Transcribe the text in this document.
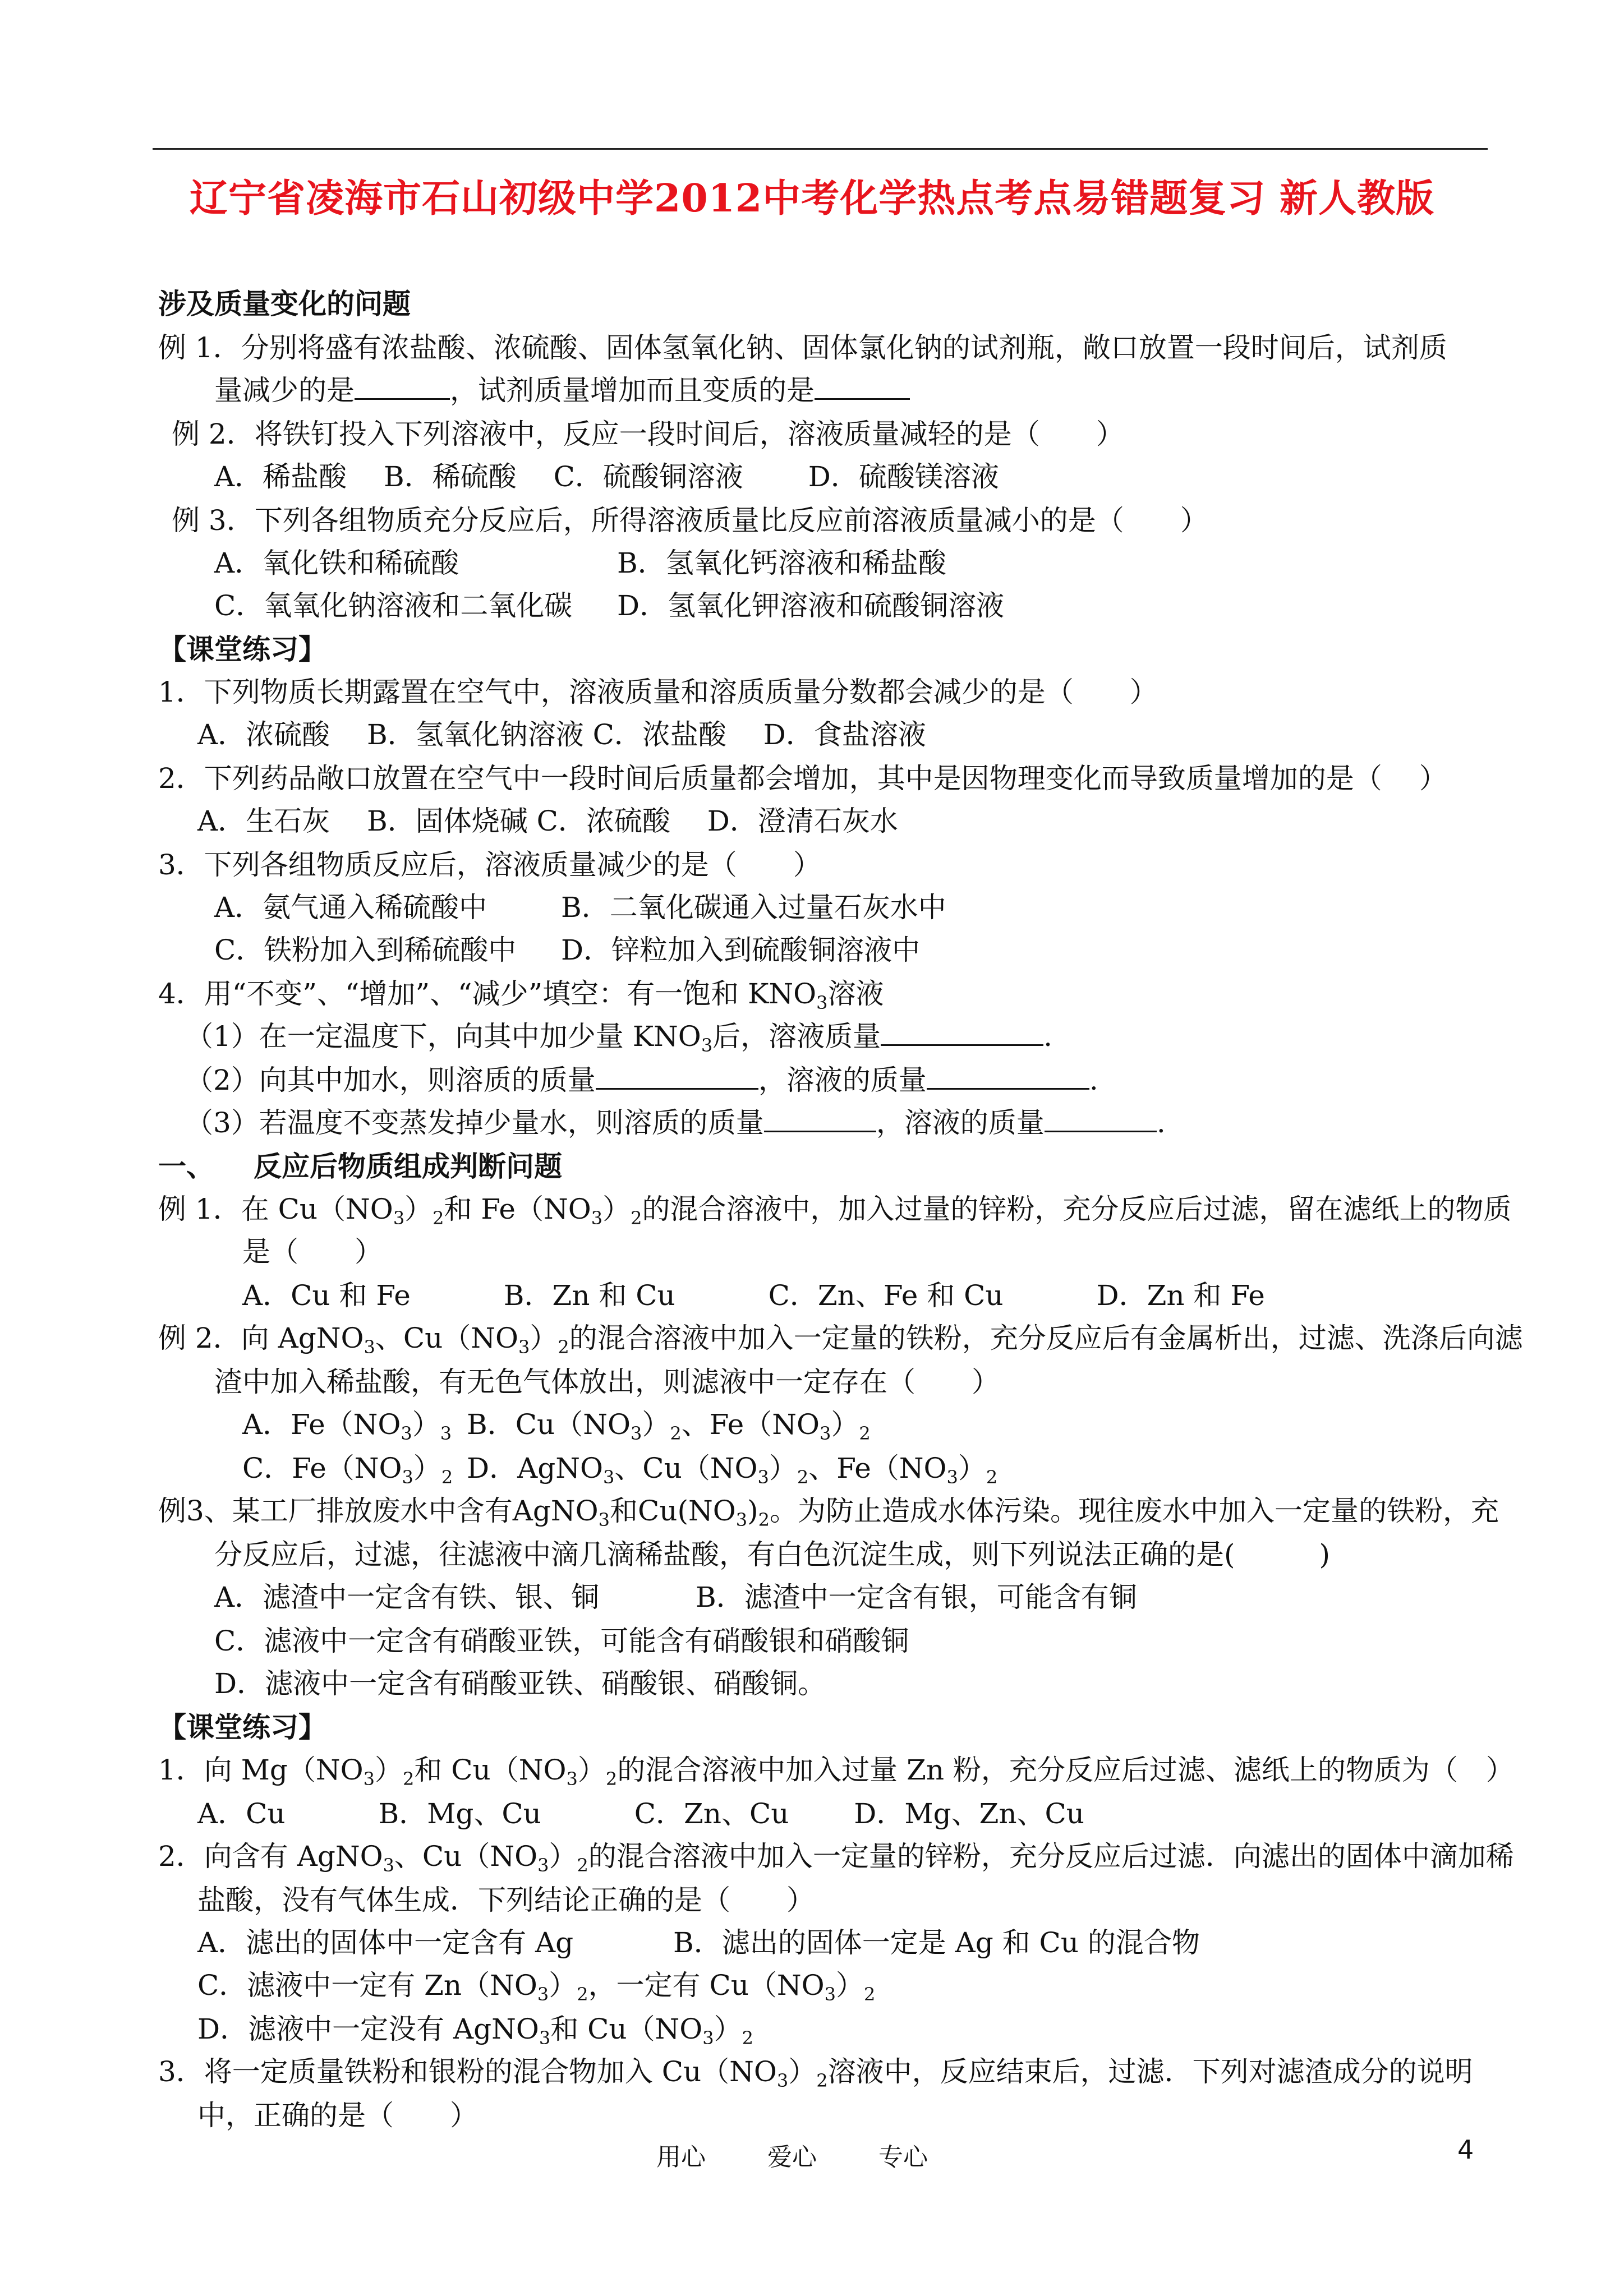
辽宁省凌海市石山初级中学2012中考化学热点考点易错题复习 新人教版
涉及质量变化的问题
例 1．分别将盛有浓盐酸、浓硫酸、固体氢氧化钠、固体氯化钠的试剂瓶，敞口放置一段时间后，试剂质
量减少的是	，试剂质量增加而且变质的是
例 2．将铁钉投入下列溶液中，反应一段时间后，溶液质量减轻的是（　　）
A．稀盐酸　 B．稀硫酸　 C．硫酸铜溶液　　 D．硫酸镁溶液
例 3．下列各组物质充分反应后，所得溶液质量比反应前溶液质量减小的是（　　）
A．氧化铁和稀硫酸	B．氢氧化钙溶液和稀盐酸
C．氧氧化钠溶液和二氧化碳 D．氢氧化钾溶液和硫酸铜溶液
【课堂练习】
1．下列物质长期露置在空气中，溶液质量和溶质质量分数都会减少的是（　　）
A．浓硫酸　 B．氢氧化钠溶液 C．浓盐酸　 D．食盐溶液
2．下列药品敞口放置在空气中一段时间后质量都会增加，其中是因物理变化而导致质量增加的是（　 ）
A．生石灰　 B．固体烧碱 C．浓硫酸　 D．澄清石灰水
3．下列各组物质反应后，溶液质量减少的是（　　）
A．氨气通入稀硫酸中	B．二氧化碳通入过量石灰水中
C．铁粉加入到稀硫酸中 D．锌粒加入到硫酸铜溶液中
4．用“不变”、“增加”、“减少”填空：有一饱和 $KNO_3$溶液
（1）在一定温度下，向其中加少量 $KNO_3$后，溶液质量	.
（2）向其中加水，则溶质的质量	，溶液的质量	.
（3）若温度不变蒸发掉少量水，则溶质的质量	，溶液的质量	.
一、 反应后物质组成判断问题
例 1．在 $Cu(NO_3)_2$和 $Fe(NO_3)_2$的混合溶液中，加入过量的锌粉，充分反应后过滤，留在滤纸上的物质
是（　　）
A．Cu 和 Fe　　　 B．Zn 和 Cu　　　 C．Zn、Fe 和 Cu　　　 D．Zn 和 Fe
例 2．向 AgNO$_3$、$Cu(NO_3)_2$的混合溶液中加入一定量的铁粉，充分反应后有金属析出，过滤、洗涤后向滤
渣中加入稀盐酸，有无色气体放出，则滤液中一定存在（　　）
A．$Fe(NO_3)_3$ B．$Cu(NO_3)_2$、$Fe(NO_3)_2$
C．$Fe(NO_3)_2$ D．AgNO$_3$、$Cu(NO_3)_2$、$Fe(NO_3)_2$
例3、某工厂排放废水中含有AgNO$_3$和$Cu(NO_3)_2$。为防止造成水体污染。现往废水中加入一定量的铁粉，充
分反应后，过滤，往滤液中滴几滴稀盐酸，有白色沉淀生成，则下列说法正确的是(　　　)
A．滤渣中一定含有铁、银、铜	B．滤渣中一定含有银，可能含有铜
C．滤液中一定含有硝酸亚铁，可能含有硝酸银和硝酸铜
D．滤液中一定含有硝酸亚铁、硝酸银、硝酸铜。
【课堂练习】
1．向 $Mg(NO_3)_2$和 $Cu(NO_3)_2$的混合溶液中加入过量 Zn 粉，充分反应后过滤、滤纸上的物质为（　）
A．Cu　　　 B．Mg、Cu　　　 C．Zn、Cu　　 D．Mg、Zn、Cu
2．向含有 AgNO$_3$、$Cu(NO_3)_2$的混合溶液中加入一定量的锌粉，充分反应后过滤．向滤出的固体中滴加稀
盐酸，没有气体生成．下列结论正确的是（　　）
A．滤出的固体中一定含有 Ag	B．滤出的固体一定是 Ag 和 Cu 的混合物
C．滤液中一定有 $Zn(NO_3)_2$，一定有 $Cu(NO_3)_2$
D．滤液中一定没有 AgNO$_3$和 $Cu(NO_3)_2$
3．将一定质量铁粉和银粉的混合物加入 $Cu(NO_3)_2$溶液中，反应结束后，过滤．下列对滤渣成分的说明
中，正确的是（　　）
用心	爱心	专心	4
